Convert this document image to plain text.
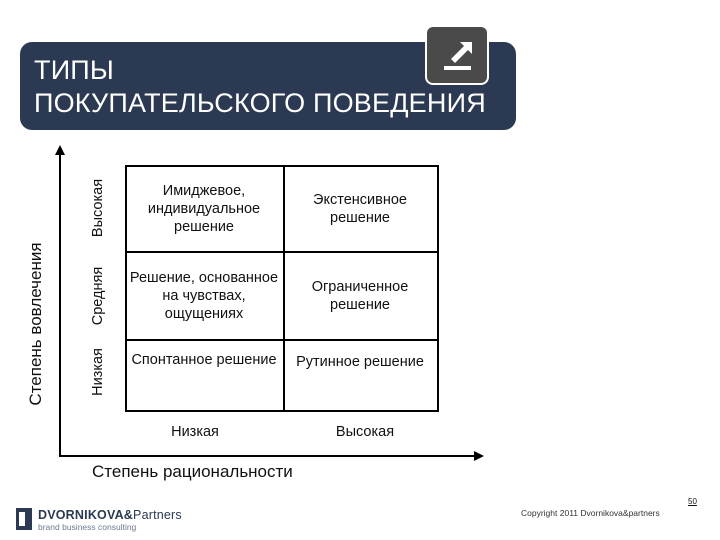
ТИПЫ
ПОКУПАТЕЛЬСКОГО ПОВЕДЕНИЯ
Имиджевое, индивидуальное решение
Экстенсивное решение
Решение, основанное на чувствах, ощущениях
Ограниченное решение
Спонтанное решение	Рутинное решение
Низкая	Высокая
Высокая
Средняя
Низкая
Степень вовлечения
Степень рациональности
DVORNIKOVA&Partners
brand business consulting
Copyright 2011 Dvornikova&partners
50
